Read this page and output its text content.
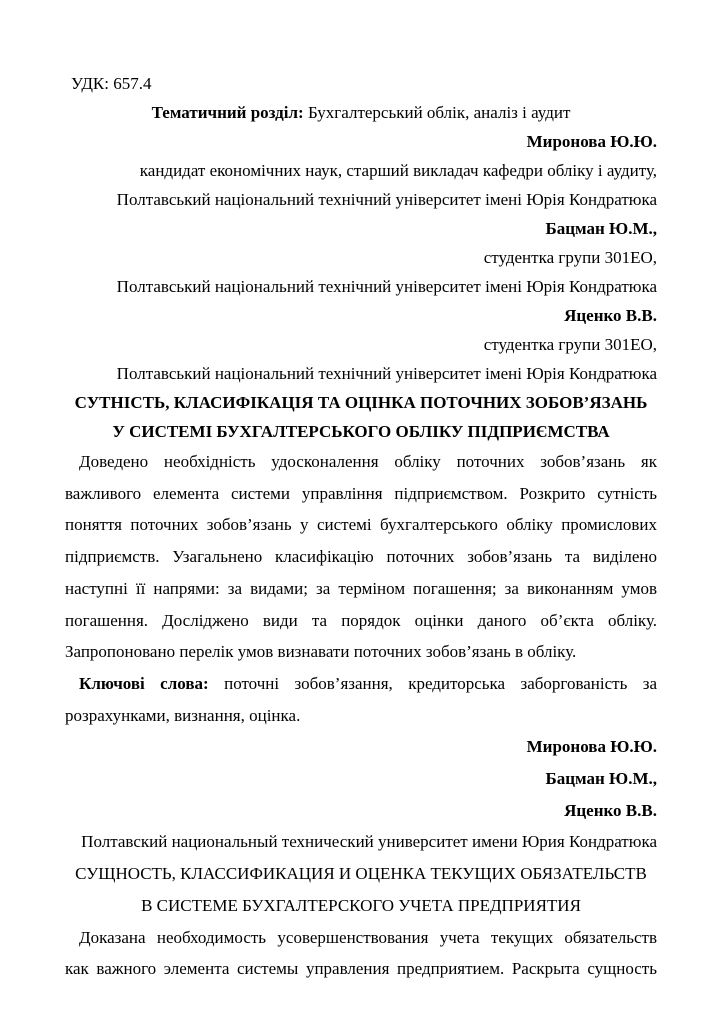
УДК: 657.4
Тематичний розділ: Бухгалтерський облік, аналіз і аудит
Миронова Ю.Ю.
кандидат економічних наук, старший викладач кафедри обліку і аудиту,
Полтавський національний технічний університет імені Юрія Кондратюка
Бацман Ю.М.,
студентка групи 301ЕО,
Полтавський національний технічний університет імені Юрія Кондратюка
Яценко В.В.
студентка групи 301ЕО,
Полтавський національний технічний університет імені Юрія Кондратюка
СУТНІСТЬ, КЛАСИФІКАЦІЯ ТА ОЦІНКА ПОТОЧНИХ ЗОБОВ’ЯЗАНЬ
У СИСТЕМІ БУХГАЛТЕРСЬКОГО ОБЛІКУ ПІДПРИЄМСТВА
Доведено необхідність удосконалення обліку поточних зобов’язань як
важливого елемента системи управління підприємством. Розкрито сутність
поняття поточних зобов’язань у системі бухгалтерського обліку промислових
підприємств. Узагальнено класифікацію поточних зобов’язань та виділено
наступні її напрями: за видами; за терміном погашення; за виконанням умов
погашення. Досліджено види та порядок оцінки даного об’єкта обліку.
Запропоновано перелік умов визнавати поточних зобов’язань в обліку.
Ключові слова: поточні зобов’язання, кредиторська заборгованість за
розрахунками, визнання, оцінка.
Миронова Ю.Ю.
Бацман Ю.М.,
Яценко В.В.
Полтавский национальный технический университет имени Юрия Кондратюка
СУЩНОСТЬ, КЛАССИФИКАЦИЯ И ОЦЕНКА ТЕКУЩИХ ОБЯЗАТЕЛЬСТВ
В СИСТЕМЕ БУХГАЛТЕРСКОГО УЧЕТА ПРЕДПРИЯТИЯ
Доказана необходимость усовершенствования учета текущих обязательств
как важного элемента системы управления предприятием. Раскрыта сущность
